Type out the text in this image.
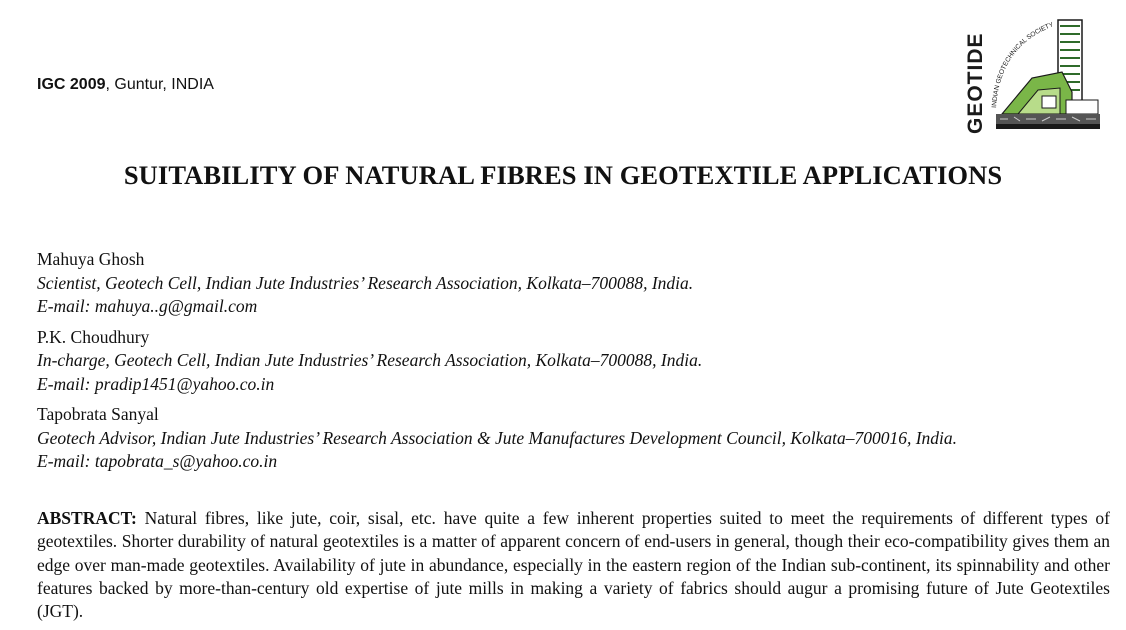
IGC 2009, Guntur, INDIA	GEOTIDE INDIAN GEOTECHNICAL SOCIETY
SUITABILITY OF NATURAL FIBRES IN GEOTEXTILE APPLICATIONS
Mahuya Ghosh
Scientist, Geotech Cell, Indian Jute Industries’ Research Association, Kolkata–700088, India.
E-mail: mahuya..g@gmail.com
P.K. Choudhury
In-charge, Geotech Cell, Indian Jute Industries’ Research Association, Kolkata–700088, India.
E-mail: pradip1451@yahoo.co.in
Tapobrata Sanyal
Geotech Advisor, Indian Jute Industries’ Research Association & Jute Manufactures Development Council, Kolkata–700016, India.
E-mail: tapobrata_s@yahoo.co.in
ABSTRACT: Natural fibres, like jute, coir, sisal, etc. have quite a few inherent properties suited to meet the requirements of different types of geotextiles. Shorter durability of natural geotextiles is a matter of apparent concern of end-users in general, though their eco-compatibility gives them an edge over man-made geotextiles. Availability of jute in abundance, especially in the eastern region of the Indian sub-continent, its spinnability and other features backed by more-than-century old expertise of jute mills in making a variety of fabrics should augur a promising future of Jute Geotextiles (JGT).
